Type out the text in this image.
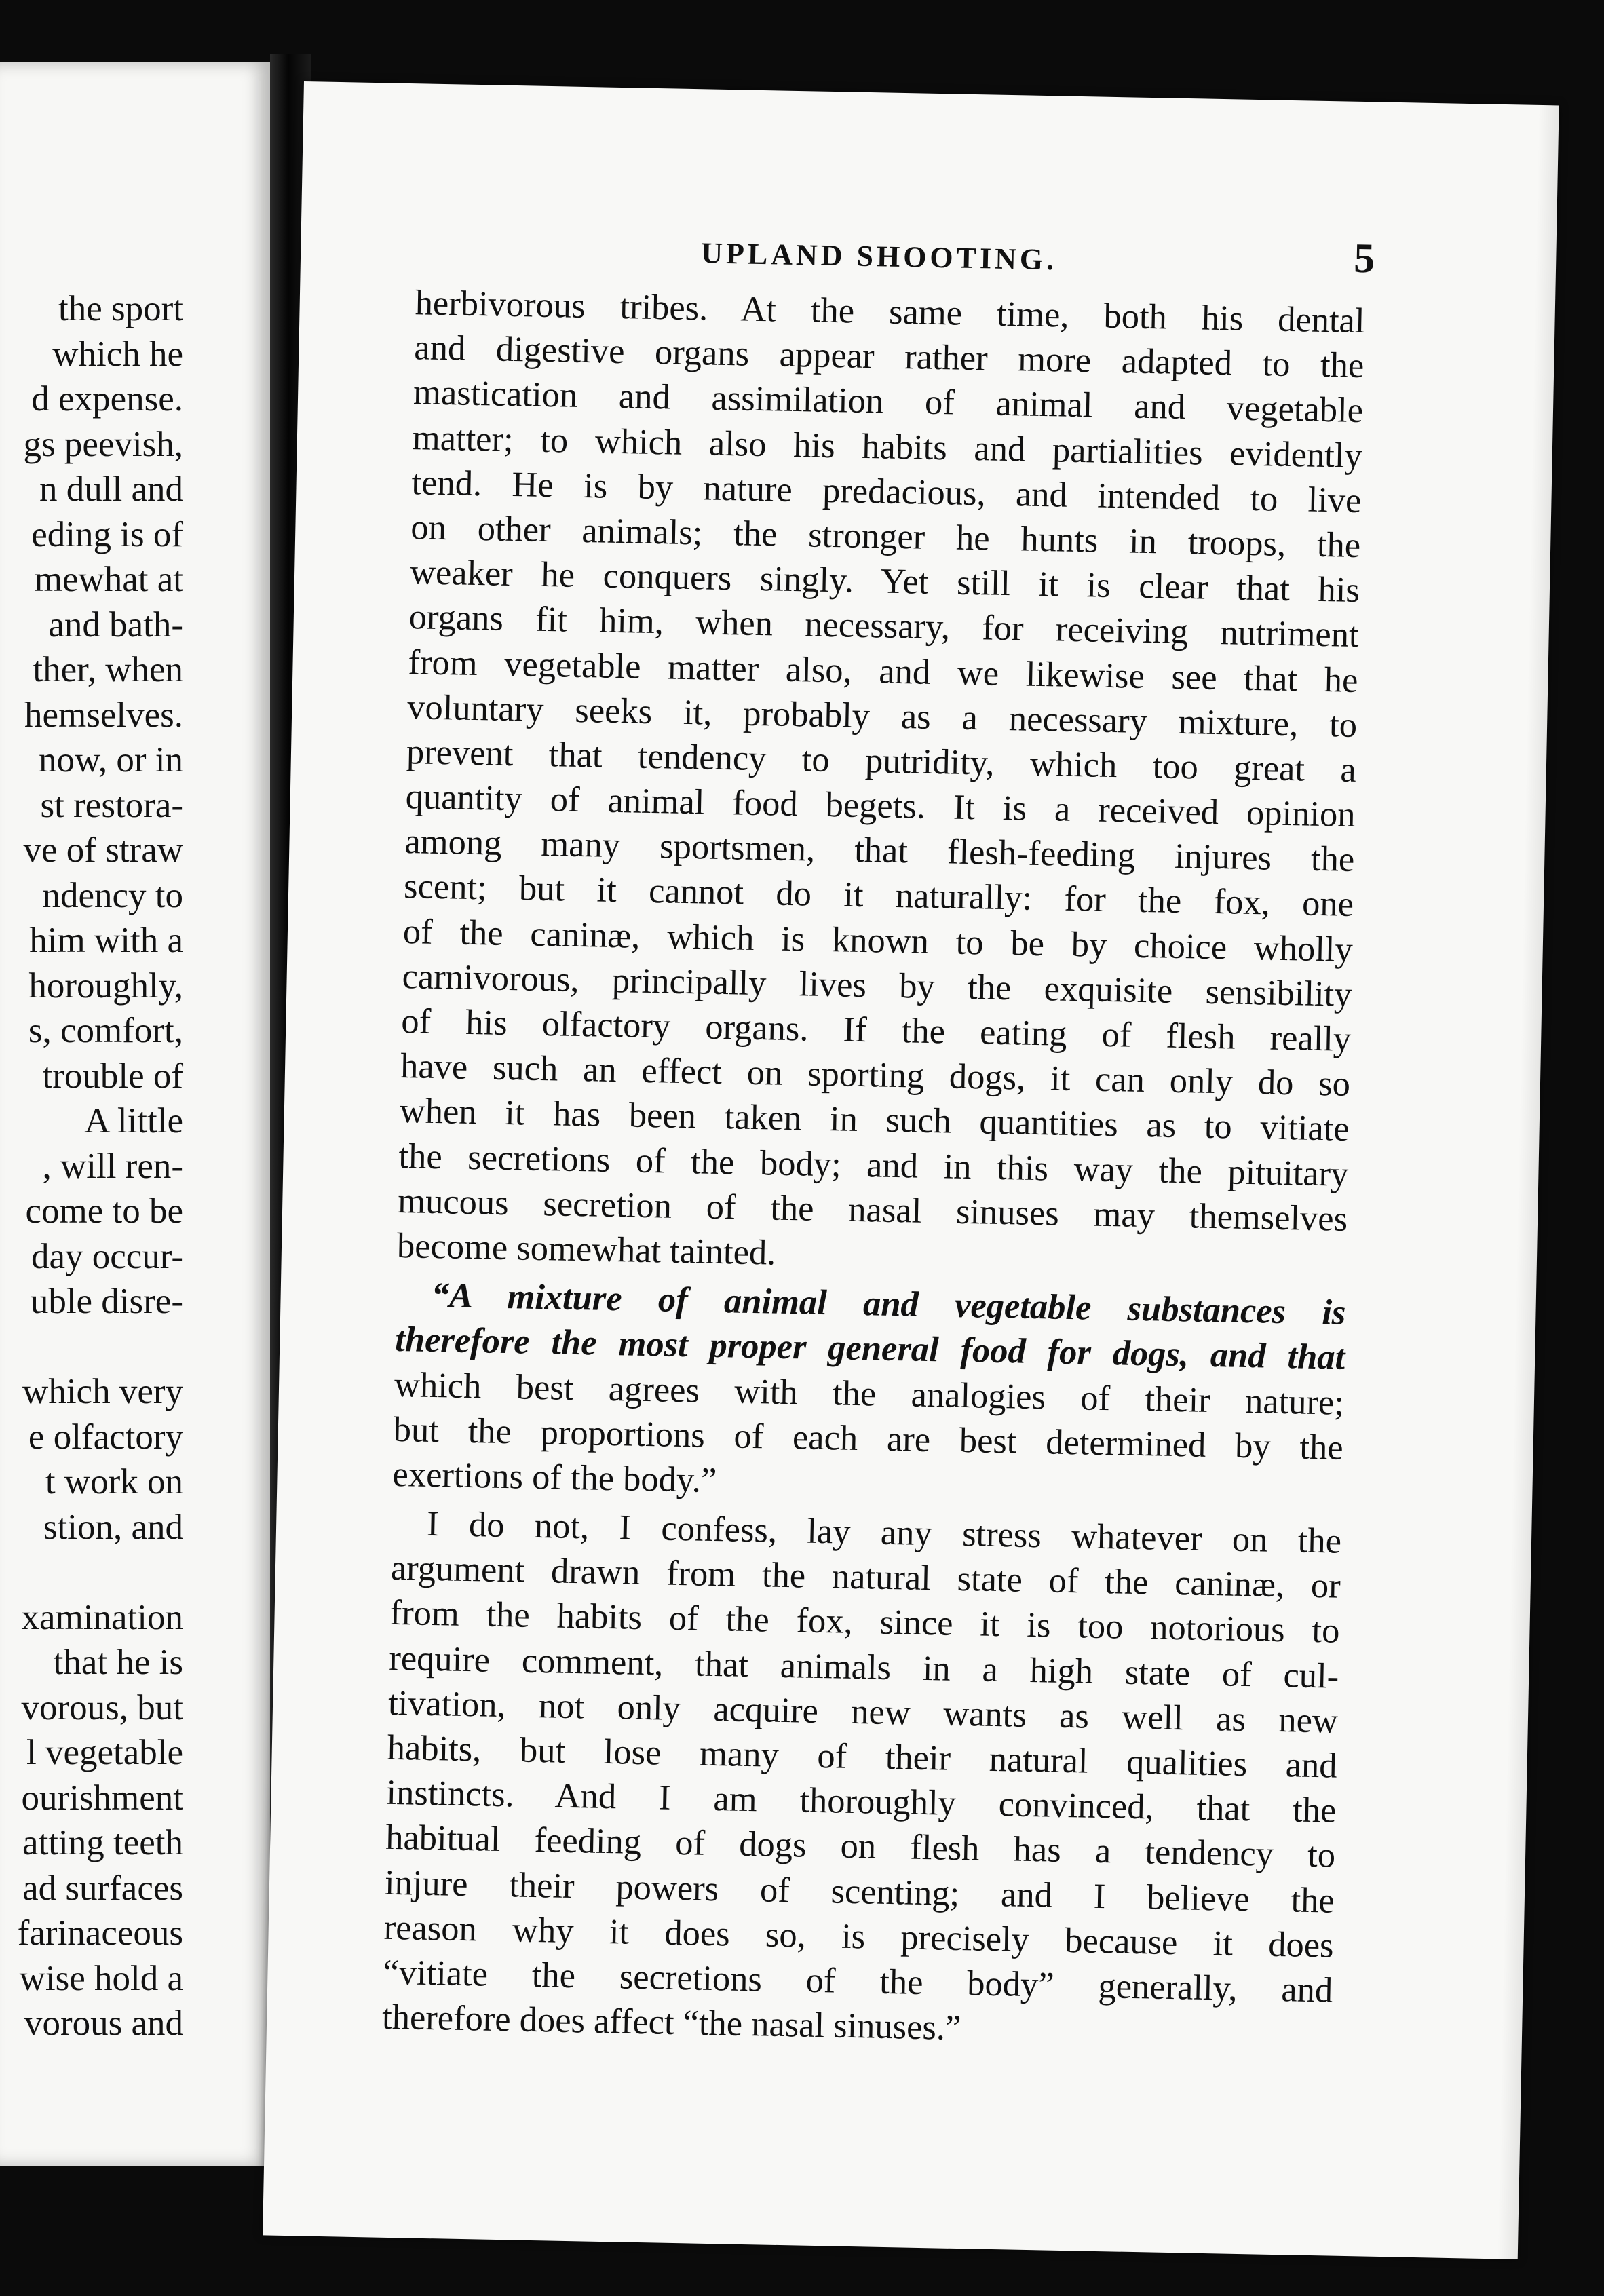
the sport
which he
d expense.
gs peevish,
n dull and
eding is of
mewhat at
and bath-
ther, when
hemselves.
now, or in
st restora-
ve of straw
ndency to
him with a
horoughly,
s, comfort,
trouble of
A little
, will ren-
come to be
day occur-
uble disre-
which very
e olfactory
t work on
stion, and
xamination
that he is
vorous, but
l vegetable
ourishment
atting teeth
ad surfaces
farinaceous
wise hold a
vorous and
UPLAND SHOOTING.	5
herbivorous tribes. At the same time, both his dental
and digestive organs appear rather more adapted to the
mastication and assimilation of animal and vegetable
matter; to which also his habits and partialities evidently
tend. He is by nature predacious, and intended to live
on other animals; the stronger he hunts in troops, the
weaker he conquers singly. Yet still it is clear that his
organs fit him, when necessary, for receiving nutriment
from vegetable matter also, and we likewise see that he
voluntary seeks it, probably as a necessary mixture, to
prevent that tendency to putridity, which too great a
quantity of animal food begets. It is a received opinion
among many sportsmen, that flesh-feeding injures the
scent; but it cannot do it naturally: for the fox, one
of the caninæ, which is known to be by choice wholly
carnivorous, principally lives by the exquisite sensibility
of his olfactory organs. If the eating of flesh really
have such an effect on sporting dogs, it can only do so
when it has been taken in such quantities as to vitiate
the secretions of the body; and in this way the pituitary
mucous secretion of the nasal sinuses may themselves
become somewhat tainted.
“A mixture of animal and vegetable substances is
therefore the most proper general food for dogs, and that
which best agrees with the analogies of their nature;
but the proportions of each are best determined by the
exertions of the body.”
I do not, I confess, lay any stress whatever on the
argument drawn from the natural state of the caninæ, or
from the habits of the fox, since it is too notorious to
require comment, that animals in a high state of cul-
tivation, not only acquire new wants as well as new
habits, but lose many of their natural qualities and
instincts. And I am thoroughly convinced, that the
habitual feeding of dogs on flesh has a tendency to
injure their powers of scenting; and I believe the
reason why it does so, is precisely because it does
“vitiate the secretions of the body” generally, and
therefore does affect “the nasal sinuses.”
